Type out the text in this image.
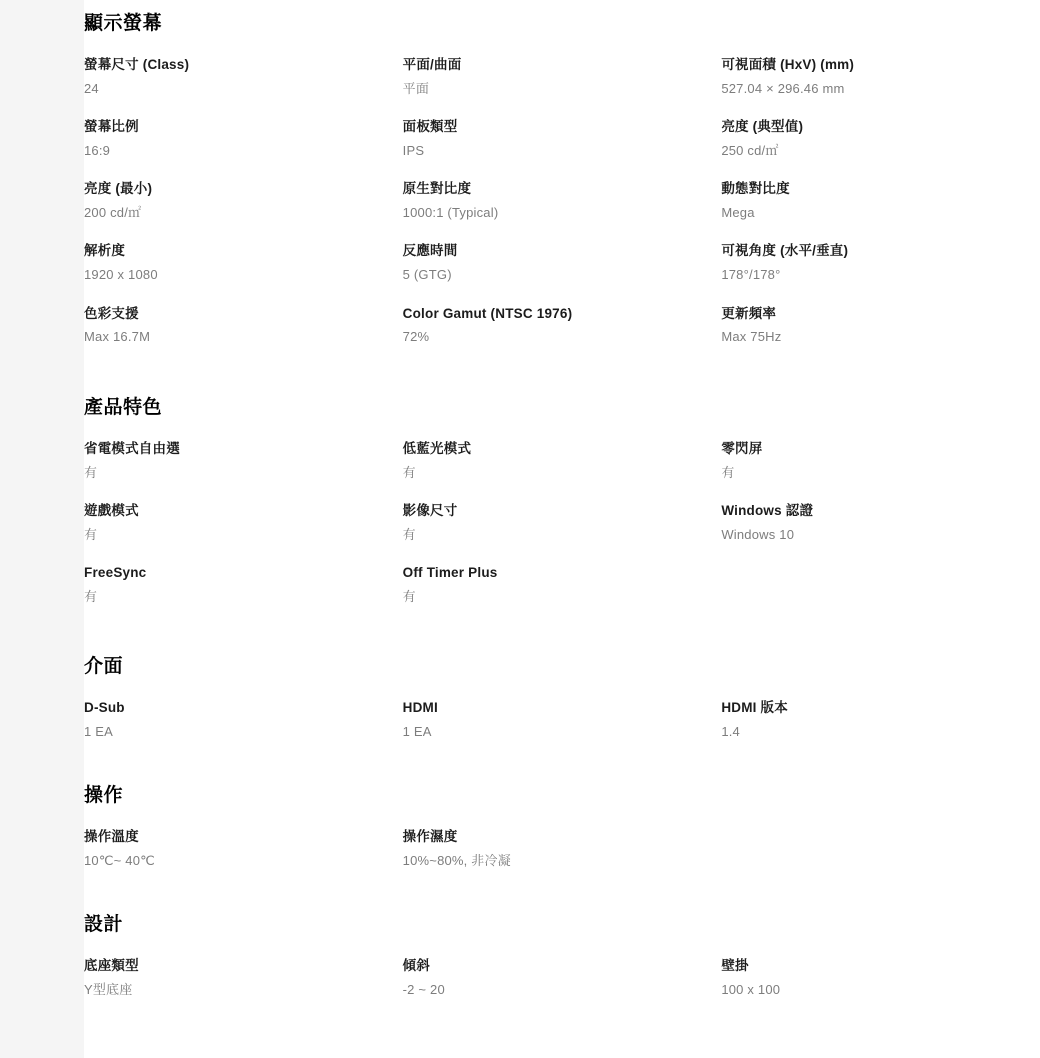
顯示螢幕
螢幕尺寸 (Class)
24
平面/曲面
平面
可視面積 (HxV) (mm)
527.04 × 296.46 mm
螢幕比例
16:9
面板類型
IPS
亮度 (典型值)
250 cd/㎡
亮度 (最小)
200 cd/㎡
原生對比度
1000:1 (Typical)
動態對比度
Mega
解析度
1920 x 1080
反應時間
5 (GTG)
可視角度 (水平/垂直)
178°/178°
色彩支援
Max 16.7M
Color Gamut (NTSC 1976)
72%
更新頻率
Max 75Hz
產品特色
省電模式自由選
有
低藍光模式
有
零閃屏
有
遊戲模式
有
影像尺寸
有
Windows 認證
Windows 10
FreeSync
有
Off Timer Plus
有
介面
D-Sub
1 EA
HDMI
1 EA
HDMI 版本
1.4
操作
操作溫度
10℃~ 40℃
操作濕度
10%~80%, 非冷凝
設計
底座類型
Y型底座
傾斜
-2 ~ 20
壁掛
100 x 100
